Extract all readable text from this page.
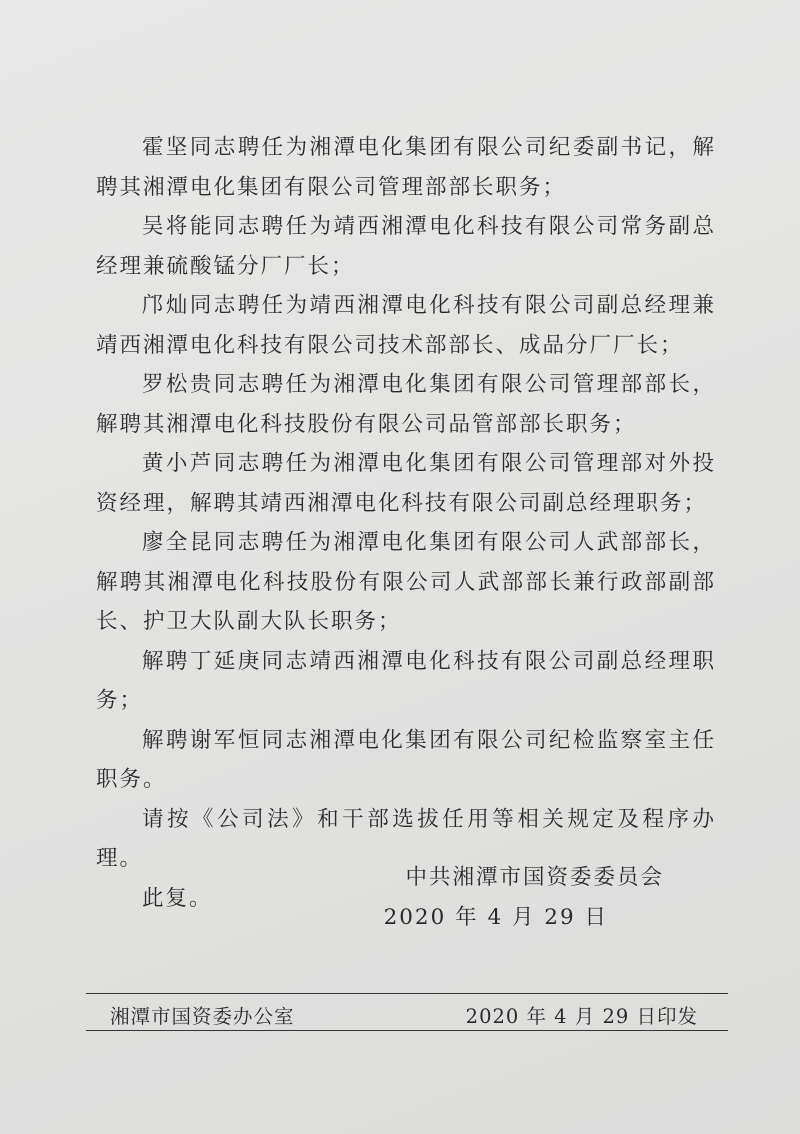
霍坚同志聘任为湘潭电化集团有限公司纪委副书记，解聘其湘潭电化集团有限公司管理部部长职务；

吴将能同志聘任为靖西湘潭电化科技有限公司常务副总经理兼硫酸锰分厂厂长；

邝灿同志聘任为靖西湘潭电化科技有限公司副总经理兼靖西湘潭电化科技有限公司技术部部长、成品分厂厂长；

罗松贵同志聘任为湘潭电化集团有限公司管理部部长，解聘其湘潭电化科技股份有限公司品管部部长职务；

黄小芦同志聘任为湘潭电化集团有限公司管理部对外投资经理，解聘其靖西湘潭电化科技有限公司副总经理职务；

廖全昆同志聘任为湘潭电化集团有限公司人武部部长，解聘其湘潭电化科技股份有限公司人武部部长兼行政部副部长、护卫大队副大队长职务；

解聘丁延庚同志靖西湘潭电化科技有限公司副总经理职务；

解聘谢军恒同志湘潭电化集团有限公司纪检监察室主任职务。

请按《公司法》和干部选拔任用等相关规定及程序办理。

此复。

中共湘潭市国资委委员会
2020 年 4 月 29 日
湘潭市国资委办公室	2020 年 4 月 29 日印发
